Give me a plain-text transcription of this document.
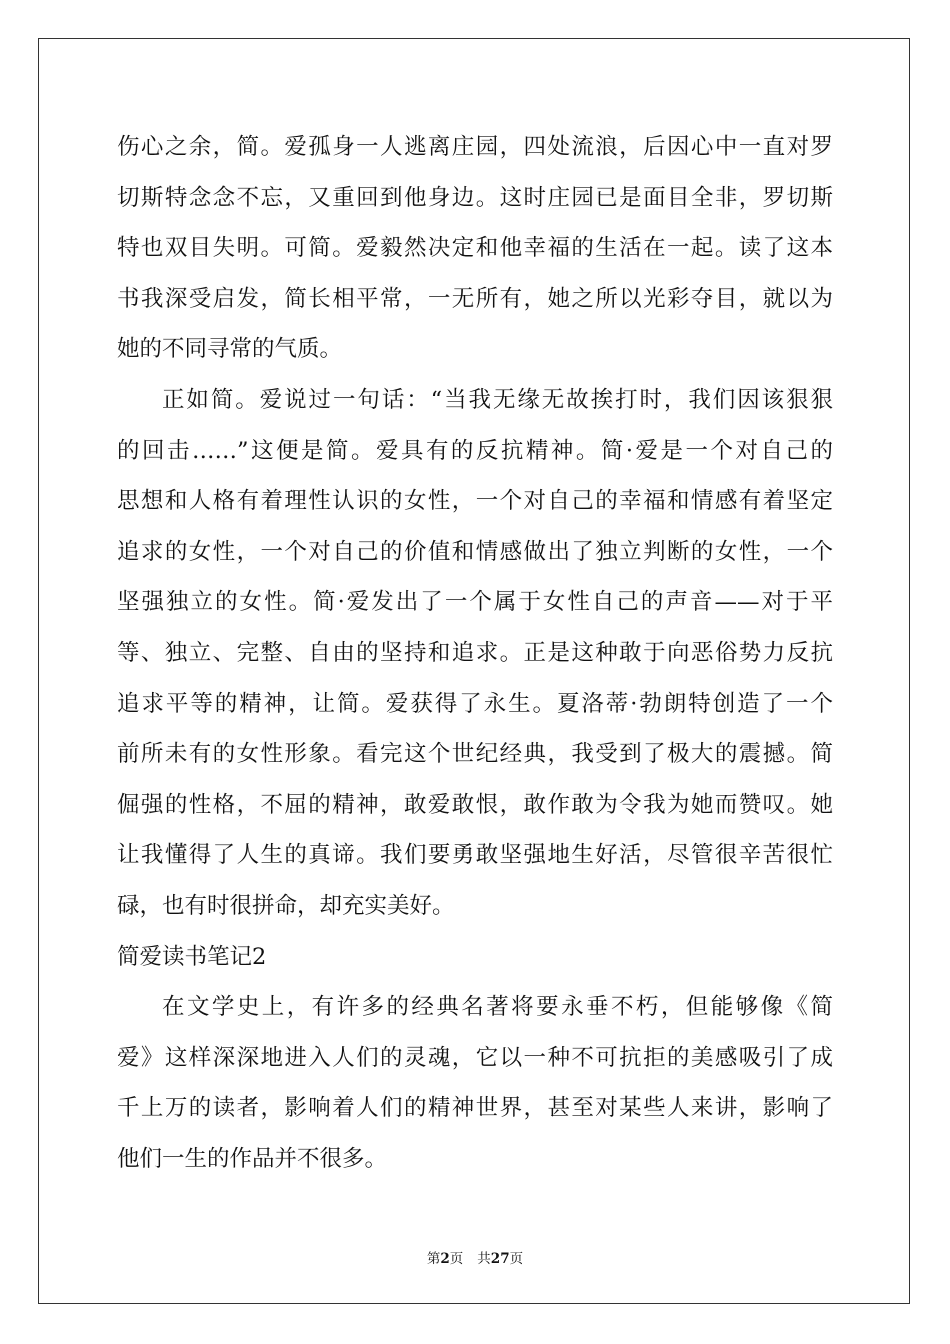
伤心之余，简。爱孤身一人逃离庄园，四处流浪，后因心中一直对罗
切斯特念念不忘，又重回到他身边。这时庄园已是面目全非，罗切斯
特也双目失明。可简。爱毅然决定和他幸福的生活在一起。读了这本
书我深受启发，简长相平常，一无所有，她之所以光彩夺目，就以为
她的不同寻常的气质。
正如简。爱说过一句话：“当我无缘无故挨打时，我们因该狠狠
的回击……”这便是简。爱具有的反抗精神。简·爱是一个对自己的
思想和人格有着理性认识的女性，一个对自己的幸福和情感有着坚定
追求的女性，一个对自己的价值和情感做出了独立判断的女性，一个
坚强独立的女性。简·爱发出了一个属于女性自己的声音——对于平
等、独立、完整、自由的坚持和追求。正是这种敢于向恶俗势力反抗
追求平等的精神，让简。爱获得了永生。夏洛蒂·勃朗特创造了一个
前所未有的女性形象。看完这个世纪经典，我受到了极大的震撼。简
倔强的性格，不屈的精神，敢爱敢恨，敢作敢为令我为她而赞叹。她
让我懂得了人生的真谛。我们要勇敢坚强地生好活，尽管很辛苦很忙
碌，也有时很拼命，却充实美好。
简爱读书笔记2
在文学史上，有许多的经典名著将要永垂不朽，但能够像《简
爱》这样深深地进入人们的灵魂，它以一种不可抗拒的美感吸引了成
千上万的读者，影响着人们的精神世界，甚至对某些人来讲，影响了
他们一生的作品并不很多。
第2页 共27页
